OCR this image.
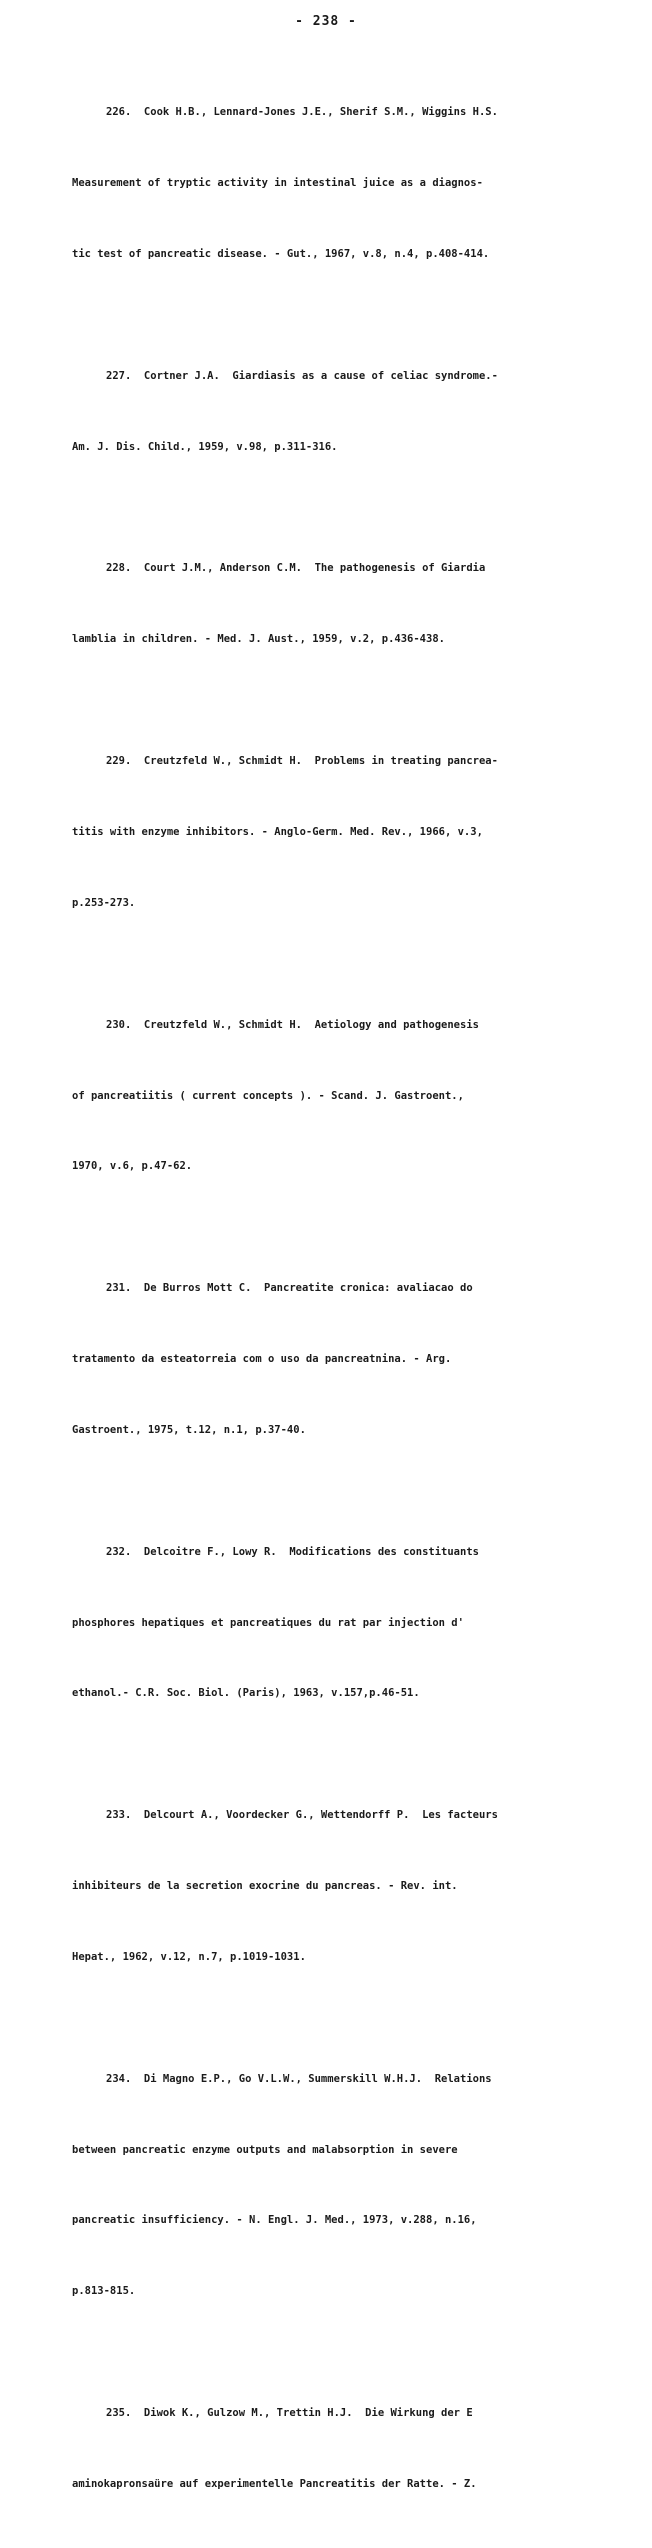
- 238 -

226.  Cook H.B., Lennard-Jones J.E., Sherif S.M., Wiggins H.S.

Measurement of tryptic activity in intestinal juice as a diagnos-

tic test of pancreatic disease. - Gut., 1967, v.8, n.4, p.408-414.

227.  Cortner J.A.  Giardiasis as a cause of celiac syndrome.-

Am. J. Dis. Child., 1959, v.98, p.311-316.

228.  Court J.M., Anderson C.M.  The pathogenesis of Giardia

lamblia in children. - Med. J. Aust., 1959, v.2, p.436-438.

229.  Creutzfeld W., Schmidt H.  Problems in treating pancrea-

titis with enzyme inhibitors. - Anglo-Germ. Med. Rev., 1966, v.3,

p.253-273.

230.  Creutzfeld W., Schmidt H.  Aetiology and pathogenesis

of pancreatiitis ( current concepts ). - Scand. J. Gastroent.,

1970, v.6, p.47-62.

231.  De Burros Mott C.  Pancreatite cronica: avaliacao do

tratamento da esteatorreia com o uso da pancreatnina. - Arg.

Gastroent., 1975, t.12, n.1, p.37-40.

232.  Delcoitre F., Lowy R.  Modifications des constituants

phosphores hepatiques et pancreatiques du rat par injection d'

ethanol.- C.R. Soc. Biol. (Paris), 1963, v.157,p.46-51.

233.  Delcourt A., Voordecker G., Wettendorff P.  Les facteurs

inhibiteurs de la secretion exocrine du pancreas. - Rev. int.

Hepat., 1962, v.12, n.7, p.1019-1031.

234.  Di Magno E.P., Go V.L.W., Summerskill W.H.J.  Relations

between pancreatic enzyme outputs and malabsorption in severe

pancreatic insufficiency. - N. Engl. J. Med., 1973, v.288, n.16,

p.813-815.

235.  Diwok K., Gulzow M., Trettin H.J.  Die Wirkung der E

aminokapronsaüre auf experimentelle Pancreatitis der Ratte. - Z.
